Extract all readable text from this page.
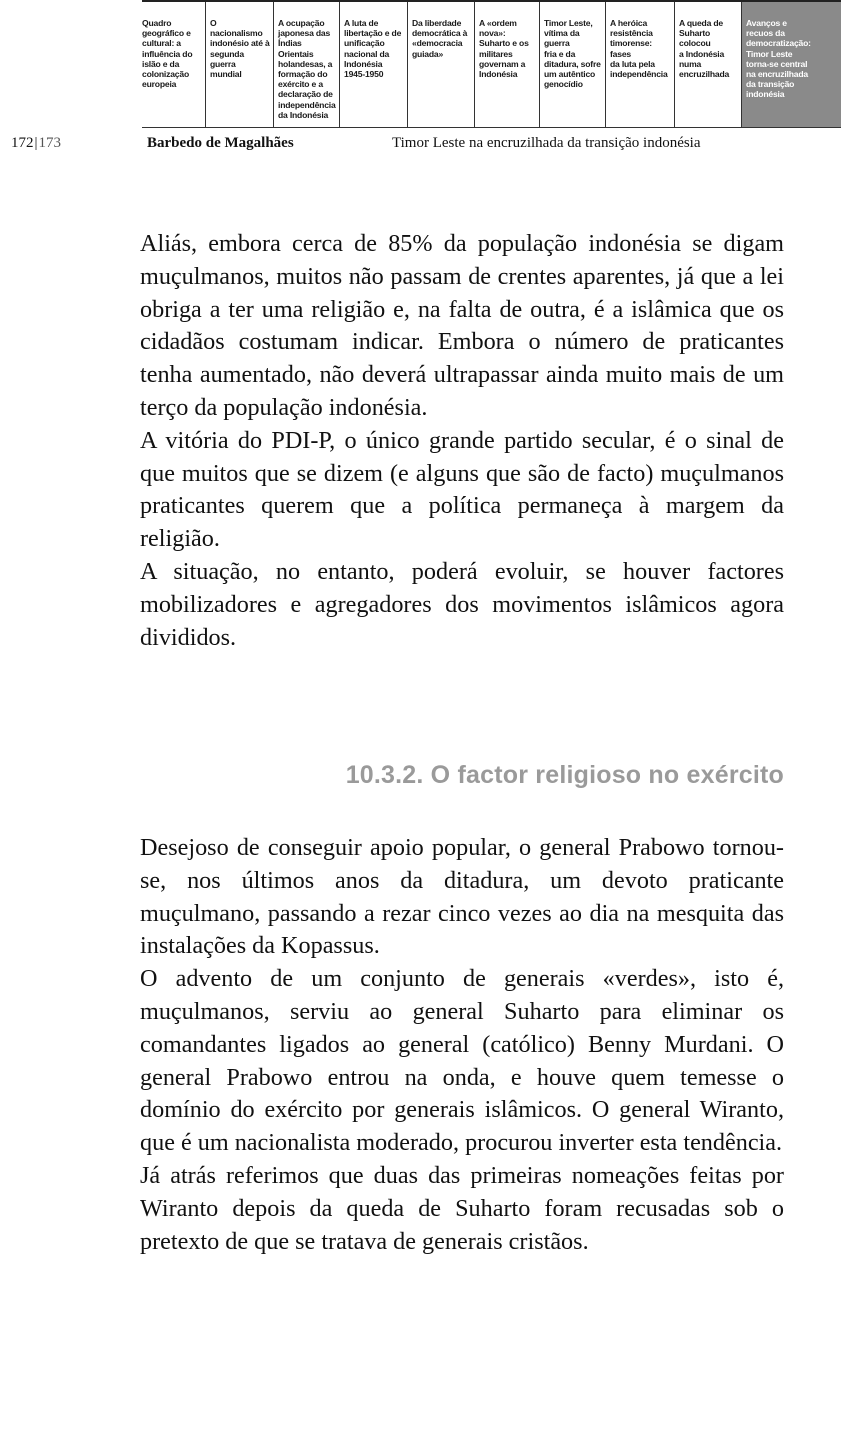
Quadro
geográfico e
cultural: a
influência do
islão e da
colonização
europeia
O nacionalismo
indonésio até à
segunda guerra
mundial
A ocupação
japonesa das
Índias Orientais
holandesas, a
formação do
exército e a
declaração de
independência
da Indonésia
A luta de
libertação e de
unificação
nacional da
Indonésia
1945-1950
Da liberdade
democrática à
«democracia
guiada»
A «ordem nova»:
Suharto e os
militares
governam a
Indonésia
Timor Leste,
vítima da guerra
fria e da
ditadura, sofre
um autêntico
genocídio
A heróica
resistência
timorense: fases
da luta pela
independência
A queda de
Suharto colocou
a Indonésia
numa
encruzilhada
Avanços e
recuos da
democratização:
Timor Leste
torna-se central
na encruzilhada
da transição
indonésia
172|173	Barbedo de Magalhães	Timor Leste na encruzilhada da transição indonésia

Aliás, embora cerca de 85% da população indonésia se digam muçulmanos, muitos não passam de crentes aparentes, já que a lei obriga a ter uma religião e, na falta de outra, é a islâmica que os cidadãos costumam indicar. Embora o número de praticantes tenha aumentado, não deverá ultrapassar ainda muito mais de um terço da população indonésia.

A vitória do PDI-P, o único grande partido secular, é o sinal de que muitos que se dizem (e alguns que são de facto) muçulmanos praticantes querem que a política permaneça à margem da religião.

A situação, no entanto, poderá evoluir, se houver factores mobilizadores e agregadores dos movimentos islâmicos agora divididos.

10.3.2. O factor religioso no exército

Desejoso de conseguir apoio popular, o general Prabowo tornou-se, nos últimos anos da ditadura, um devoto praticante muçulmano, passando a rezar cinco vezes ao dia na mesquita das instalações da Kopassus.

O advento de um conjunto de generais «verdes», isto é, muçulmanos, serviu ao general Suharto para eliminar os comandantes ligados ao general (católico) Benny Murdani. O general Prabowo entrou na onda, e houve quem temesse o domínio do exército por generais islâmicos. O general Wiranto, que é um nacionalista moderado, procurou inverter esta tendência.

Já atrás referimos que duas das primeiras nomeações feitas por Wiranto depois da queda de Suharto foram recusadas sob o pretexto de que se tratava de generais cristãos.
